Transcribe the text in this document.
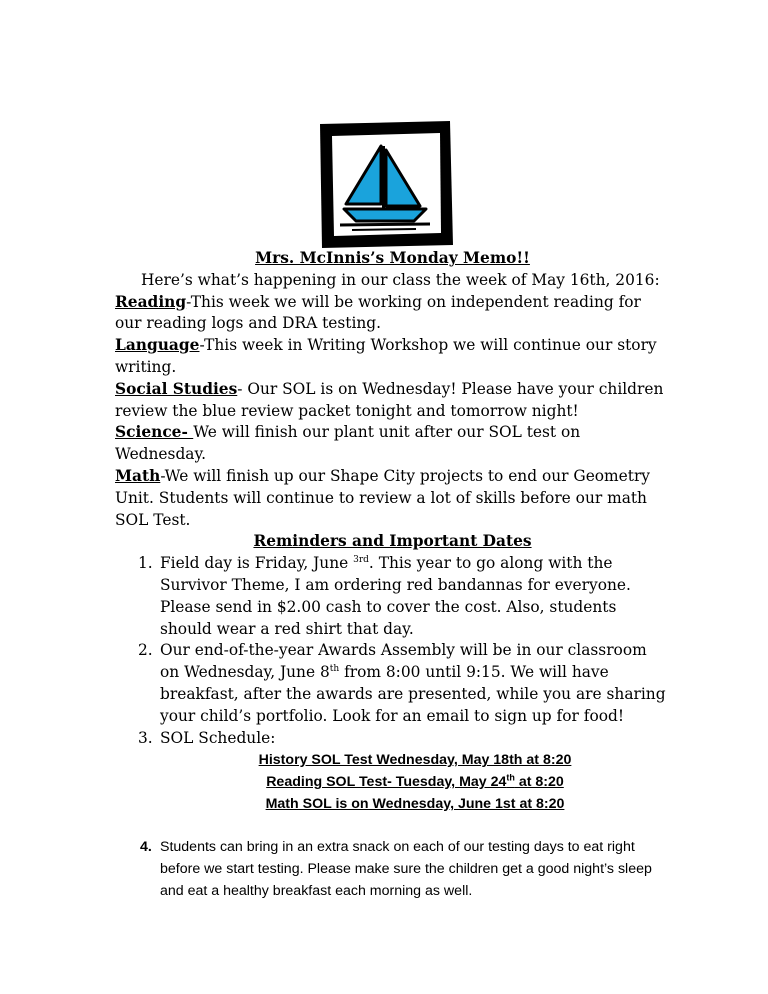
Mrs. McInnis’s Monday Memo!!

Here’s what’s happening in our class the week of May 16th, 2016:

Reading-This week we will be working on independent reading for our reading logs and DRA testing.

Language-This week in Writing Workshop we will continue our story writing.

Social Studies- Our SOL is on Wednesday! Please have your children review the blue review packet tonight and tomorrow night!

Science- We will finish our plant unit after our SOL test on Wednesday.

Math-We will finish up our Shape City projects to end our Geometry Unit. Students will continue to review a lot of skills before our math SOL Test.

Reminders and Important Dates

1. Field day is Friday, June $^{3rd}$. This year to go along with the Survivor Theme, I am ordering red bandannas for everyone. Please send in $2.00 cash to cover the cost. Also, students should wear a red shirt that day.
2. Our end-of-the-year Awards Assembly will be in our classroom on Wednesday, June 8th from 8:00 until 9:15. We will have breakfast, after the awards are presented, while you are sharing your child’s portfolio. Look for an email to sign up for food!
3. SOL Schedule:
History SOL Test Wednesday, May 18th at 8:20
Reading SOL Test- Tuesday, May 24th at 8:20
Math SOL is on Wednesday, June 1st at 8:20
4. Students can bring in an extra snack on each of our testing days to eat right before we start testing. Please make sure the children get a good night’s sleep and eat a healthy breakfast each morning as well.
